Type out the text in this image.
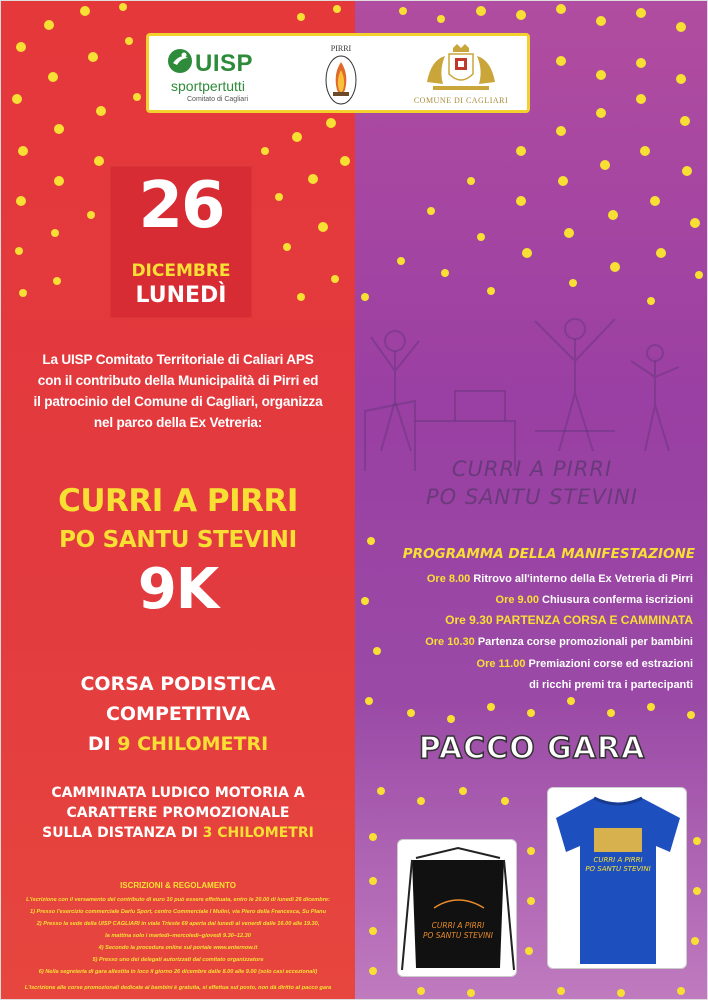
UISP
sportpertutti
Comitato di Cagliari
PIRRI
COMUNE DI CAGLIARI
26
DICEMBRE
LUNEDÌ
La UISP Comitato Territoriale di Caliari APS
con il contributo della Municipalità di Pirri ed
il patrocinio del Comune di Cagliari, organizza
nel parco della Ex Vetreria:
CURRI A PIRRI
PO SANTU STEVINI
9K
CORSA PODISTICA
COMPETITIVA
DI 9 CHILOMETRI
CAMMINATA LUDICO MOTORIA A
CARATTERE PROMOZIONALE
SULLA DISTANZA DI 3 CHILOMETRI
ISCRIZIONI & REGOLAMENTO
L'iscrizione con il versamento del contributo di euro 10 può essere effettuata, entro le 20.00 di lunedì 26 dicembre:
1) Presso l'esercizio commerciale Darlu Sport, centro Commerciale I Mulini, via Piero della Francesca, Su Planu
2) Presso la sede della UISP CAGLIARI in viale Trieste 69 aperta dal lunedì al venerdì dalle 16.00 alle 19.30,
la mattina solo i martedì–mercoledì–giovedì 9.30–12.30
4) Secondo la procedura online sul portale www.enternow.it
5) Presso uno dei delegati autorizzati dal comitato organizzatore
6) Nella segreteria di gara allestita in loco il giorno 26 dicembre dalle 8.00 alle 9.00 (solo casi eccezionali)
L'iscrizione alle corse promozionali dedicate ai bambini è gratuita, si effettua sul posto, non dà diritto al pacco gara
CURRI A PIRRI
PO SANTU STEVINI
PROGRAMMA DELLA MANIFESTAZIONE
Ore 8.00 Ritrovo all'interno della Ex Vetreria di Pirri
Ore 9.00 Chiusura conferma iscrizioni
Ore 9.30 PARTENZA CORSA E CAMMINATA
Ore 10.30 Partenza corse promozionali per bambini
Ore 11.00 Premiazioni corse ed estrazioni
di ricchi premi tra i partecipanti
PACCO GARA
CURRI A PIRRI
PO SANTU STEVINI
CURRI A PIRRI
PO SANTU STEVINI
